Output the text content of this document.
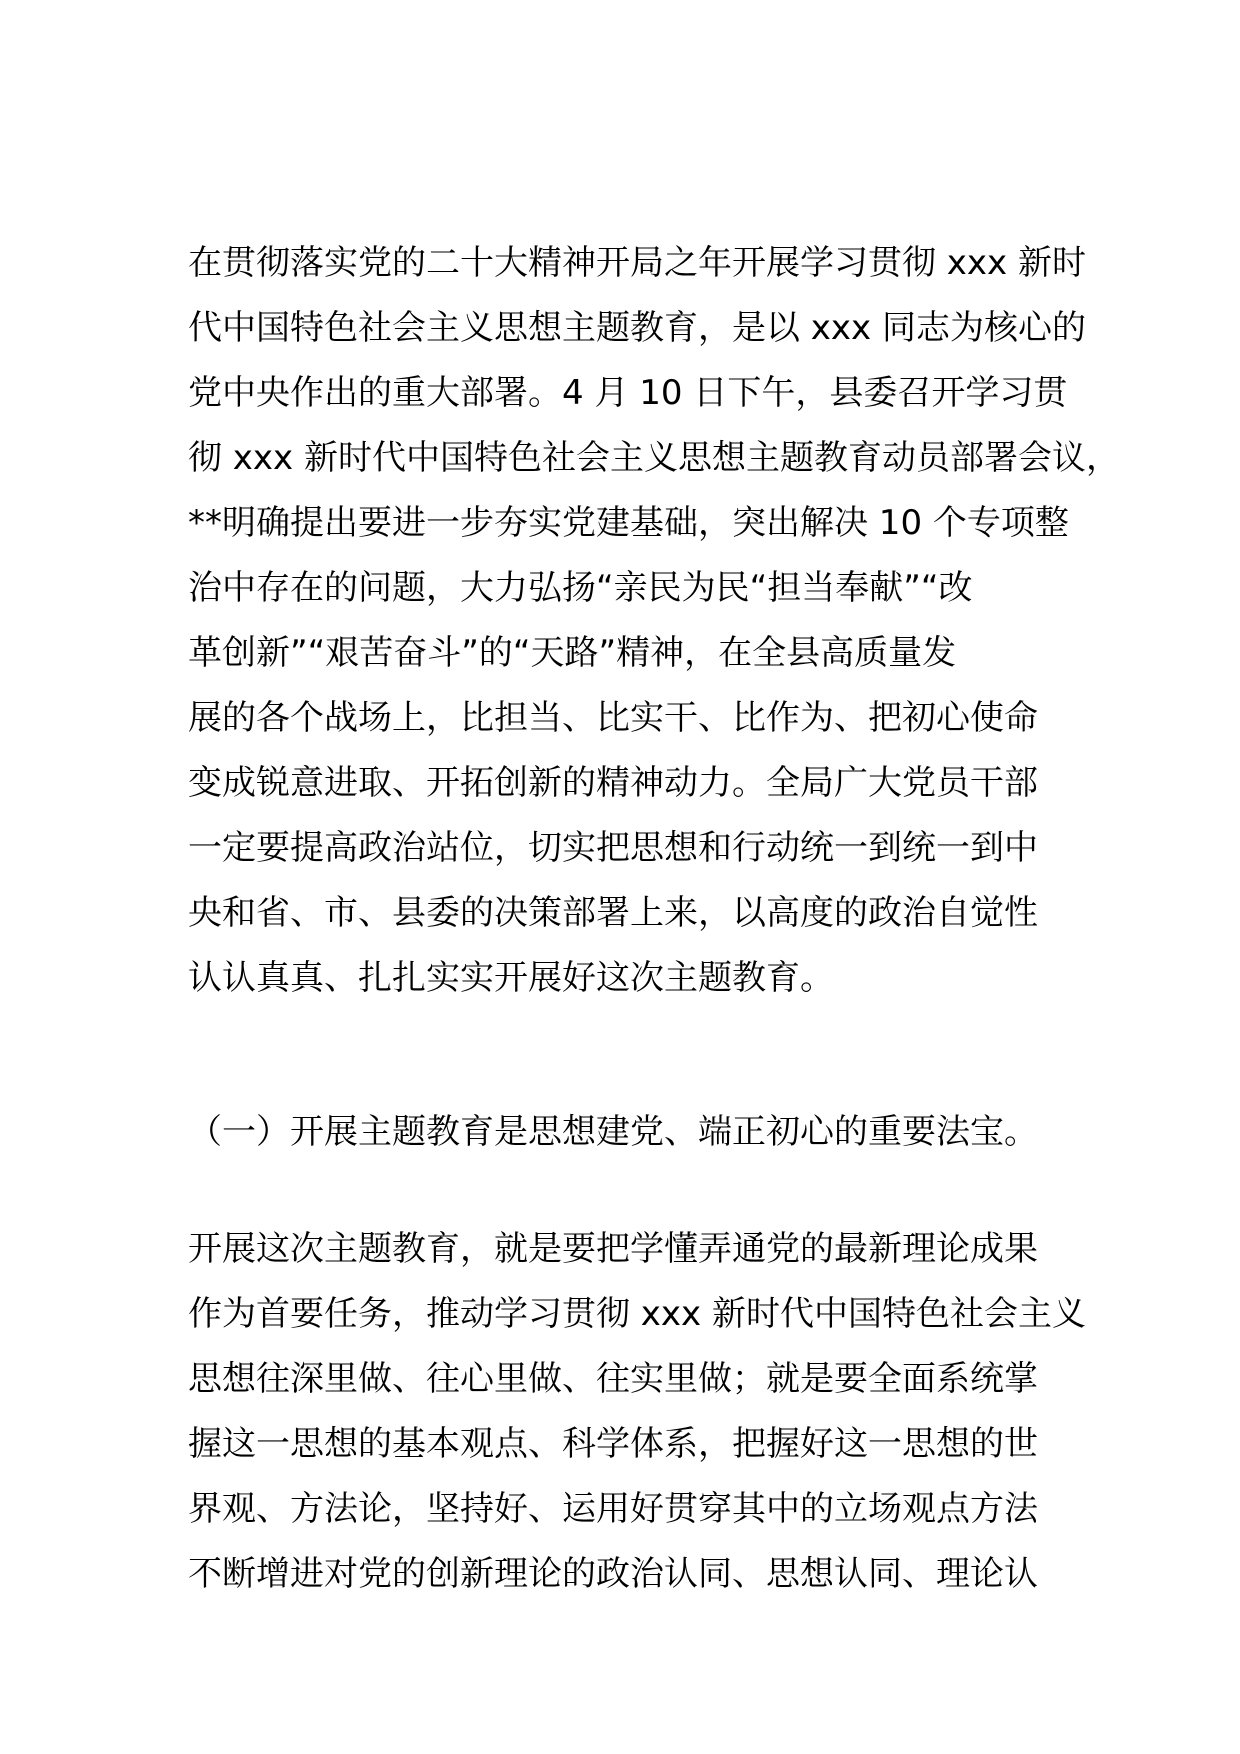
在贯彻落实党的二十大精神开局之年开展学习贯彻 xxx 新时
代中国特色社会主义思想主题教育，是以 xxx 同志为核心的
党中央作出的重大部署。4 月 10 日下午，县委召开学习贯
彻 xxx 新时代中国特色社会主义思想主题教育动员部署会议，
**明确提出要进一步夯实党建基础，突出解决 10 个专项整
治中存在的问题，大力弘扬“亲民为民“担当奉献”“改
革创新”“艰苦奋斗”的“天路”精神，在全县高质量发
展的各个战场上，比担当、比实干、比作为、把初心使命
变成锐意进取、开拓创新的精神动力。全局广大党员干部
一定要提高政治站位，切实把思想和行动统一到统一到中
央和省、市、县委的决策部署上来，以高度的政治自觉性
认认真真、扎扎实实开展好这次主题教育。
（一）开展主题教育是思想建党、端正初心的重要法宝。
开展这次主题教育，就是要把学懂弄通党的最新理论成果
作为首要任务，推动学习贯彻 xxx 新时代中国特色社会主义
思想往深里做、往心里做、往实里做；就是要全面系统掌
握这一思想的基本观点、科学体系，把握好这一思想的世
界观、方法论，坚持好、运用好贯穿其中的立场观点方法
不断增进对党的创新理论的政治认同、思想认同、理论认
